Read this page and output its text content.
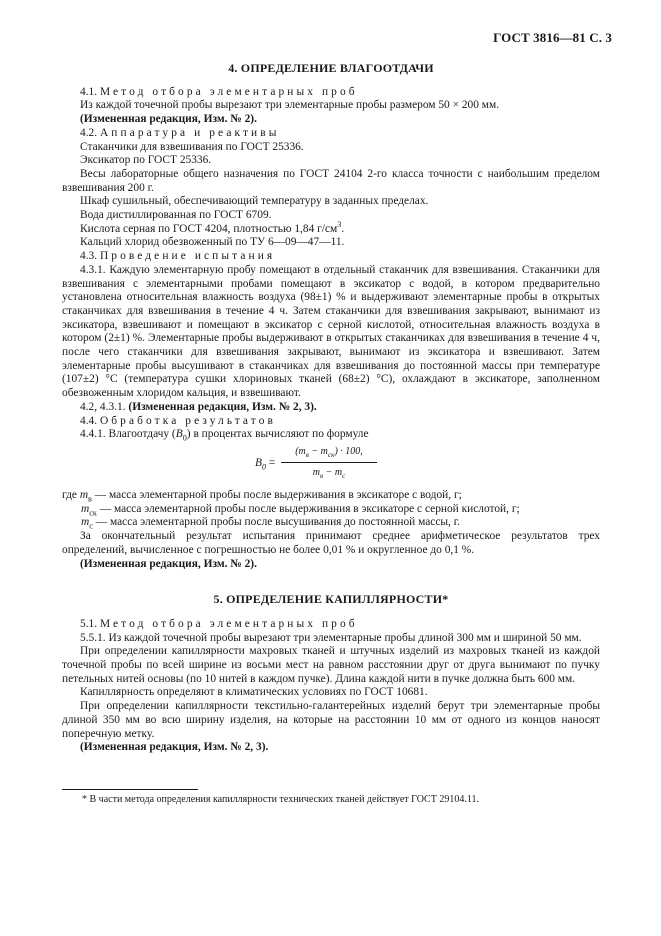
ГОСТ 3816—81 С. 3

4. ОПРЕДЕЛЕНИЕ ВЛАГООТДАЧИ

4.1. Метод отбора элементарных проб

Из каждой точечной пробы вырезают три элементарные пробы размером 50 × 200 мм.

(Измененная редакция, Изм. № 2).

4.2. Аппаратура и реактивы

Стаканчики для взвешивания по ГОСТ 25336.

Эксикатор по ГОСТ 25336.

Весы лабораторные общего назначения по ГОСТ 24104 2-го класса точности с наибольшим пределом взвешивания 200 г.

Шкаф сушильный, обеспечивающий температуру в заданных пределах.

Вода дистиллированная по ГОСТ 6709.

Кислота серная по ГОСТ 4204, плотностью 1,84 $г/см^3$.

Кальций хлорид обезвоженный по ТУ 6—09—47—11.

4.3. Проведение испытания

4.3.1. Каждую элементарную пробу помещают в отдельный стаканчик для взвешивания. Стаканчики для взвешивания с элементарными пробами помещают в эксикатор с водой, в котором предварительно установлена относительная влажность воздуха (98±1) % и выдерживают элементарные пробы в открытых стаканчиках для взвешивания в течение 4 ч. Затем стаканчики для взвешивания закрывают, вынимают из эксикатора, взвешивают и помещают в эксикатор с серной кислотой, относительная влажность воздуха в котором (2±1) %. Элементарные пробы выдерживают в открытых стаканчиках для взвешивания в течение 4 ч, после чего стаканчики для взвешивания закрывают, вынимают из эксикатора и взвешивают. Затем элементарные пробы высушивают в стаканчиках для взвешивания до постоянной массы при температуре (107±2) °С (температура сушки хлориновых тканей (68±2) °С), охлаждают в эксикаторе, заполненном обезвоженным хлоридом кальция, и взвешивают.

4.2, 4.3.1. (Измененная редакция, Изм. № 2, 3).

4.4. Обработка результатов

4.4.1. Влагоотдачу $(В_0)$ в процентах вычисляют по формуле

$В_0$ =
$(m_в - m_{ск}) \cdot 100$,
$m_в - m_с$

где $m_в$ — масса элементарной пробы после выдерживания в эксикаторе с водой, г;

$m_{ск}$ — масса элементарной пробы после выдерживания в эксикаторе с серной кислотой, г;

$m_с$ — масса элементарной пробы после высушивания до постоянной массы, г.

За окончательный результат испытания принимают среднее арифметическое результатов трех определений, вычисленное с погрешностью не более 0,01 % и округленное до 0,1 %.

(Измененная редакция, Изм. № 2).

5. ОПРЕДЕЛЕНИЕ КАПИЛЛЯРНОСТИ*

5.1. Метод отбора элементарных проб

5.5.1. Из каждой точечной пробы вырезают три элементарные пробы длиной 300 мм и шириной 50 мм.

При определении капиллярности махровых тканей и штучных изделий из махровых тканей из каждой точечной пробы по всей ширине из восьми мест на равном расстоянии друг от друга вынимают по пучку петельных нитей основы (по 10 нитей в каждом пучке). Длина каждой нити в пучке должна быть 600 мм.

Капиллярность определяют в климатических условиях по ГОСТ 10681.

При определении капиллярности текстильно-галантерейных изделий берут три элементарные пробы длиной 350 мм во всю ширину изделия, на которые на расстоянии 10 мм от одного из концов наносят поперечную метку.

(Измененная редакция, Изм. № 2, 3).

* В части метода определения капиллярности технических тканей действует ГОСТ 29104.11.
